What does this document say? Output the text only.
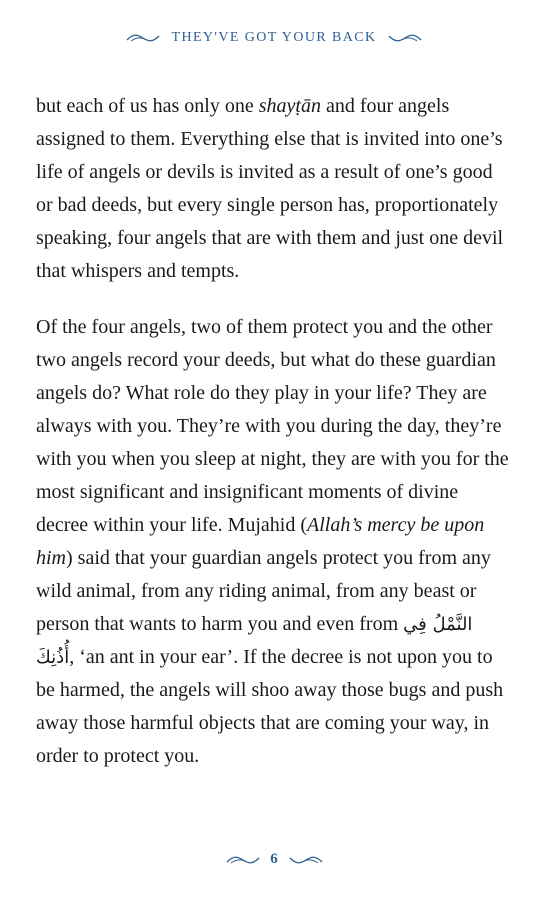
THEY'VE GOT YOUR BACK

but each of us has only one shayṭān and four angels assigned to them. Everything else that is invited into one’s life of angels or devils is invited as a result of one’s good or bad deeds, but every single person has, proportionately speaking, four angels that are with them and just one devil that whispers and tempts.

Of the four angels, two of them protect you and the other two angels record your deeds, but what do these guardian angels do? What role do they play in your life? They are always with you. They’re with you during the day, they’re with you when you sleep at night, they are with you for the most significant and insignificant moments of divine decree within your life. Mujahid (Allah’s mercy be upon him) said that your guardian angels protect you from any wild animal, from any riding animal, from any beast or person that wants to harm you and even from النَّمْلُ فِي أُذُنِكَ, ‘an ant in your ear’. If the decree is not upon you to be harmed, the angels will shoo away those bugs and push away those harmful objects that are coming your way, in order to protect you.

6
